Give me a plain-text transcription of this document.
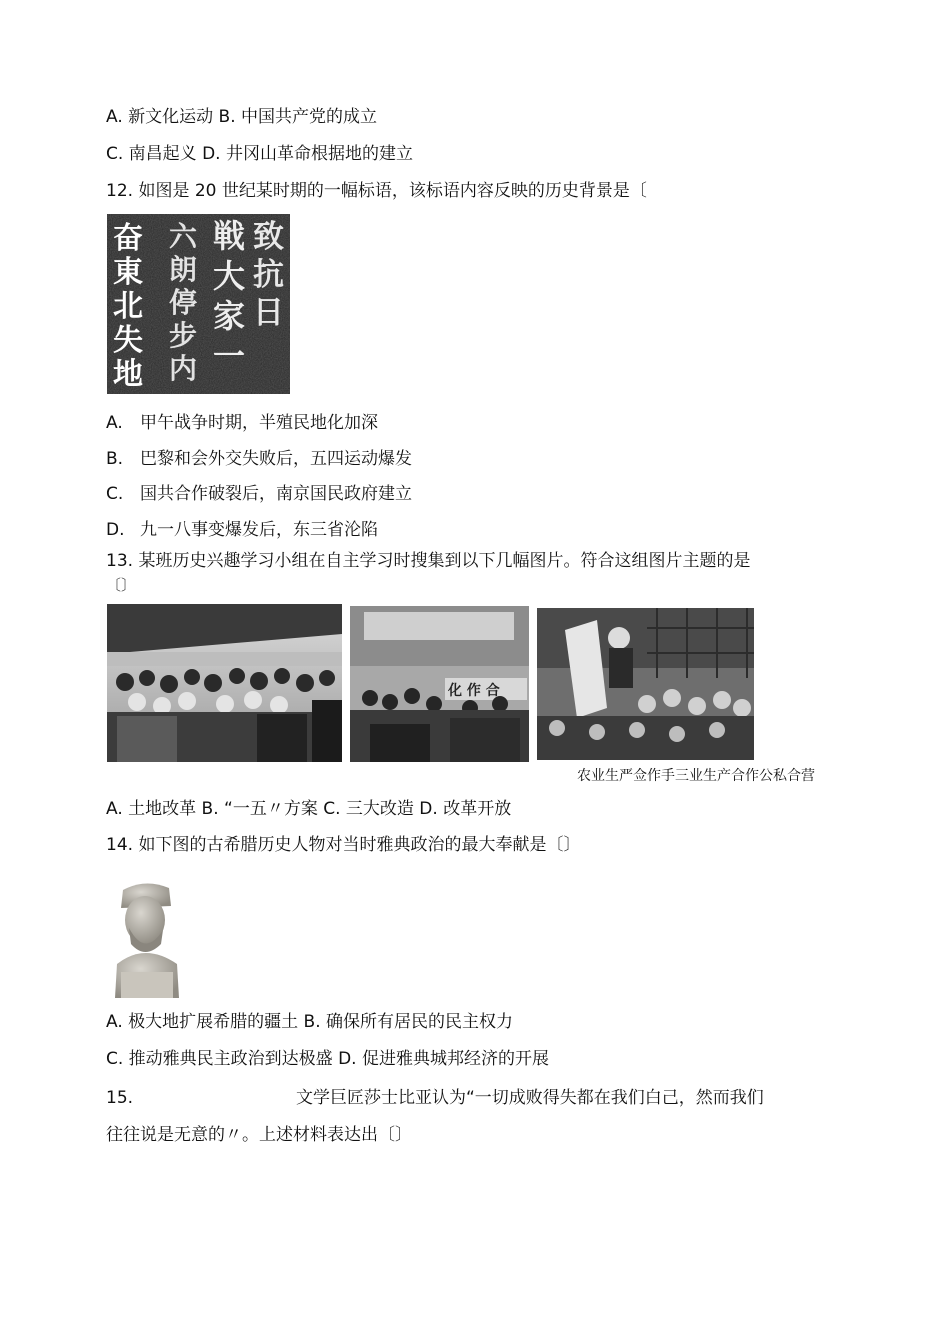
A. 新文化运动 B. 中国共产党的成立
C. 南昌起义 D. 井冈山革命根据地的建立
12. 如图是 20 世纪某时期的一幅标语，该标语内容反映的历史背景是〔
致抗日
戦大家一
六朗停步内
奋東北失地
A. 甲午战争时期，半殖民地化加深
B. 巴黎和会外交失败后，五四运动爆发
C. 国共合作破裂后，南京国民政府建立
D. 九一八事变爆发后，东三省沦陷
13. 某班历史兴趣学习小组在自主学习时搜集到以下几幅图片。符合这组图片主题的是
〔〕
化 作 合
农业生严佥作手三业生产合作公私合营
A. 土地改革 B. “一五〃方案 C. 三大改造 D. 改革开放
14. 如下图的古希腊历史人物对当时雅典政治的最大奉献是〔〕
A. 极大地扩展希腊的疆土 B. 确保所有居民的民主权力
C. 推动雅典民主政治到达极盛 D. 促进雅典城邦经济的开展
15.	文学巨匠莎士比亚认为“一切成败得失都在我们白己，然而我们
往往说是无意的〃。上述材料表达出〔〕
